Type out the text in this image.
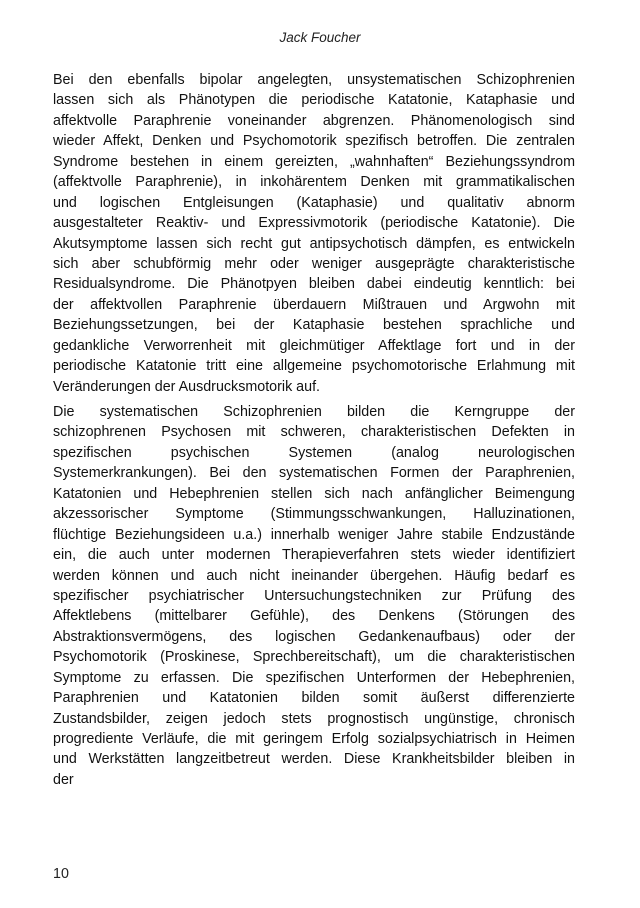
Jack Foucher
Bei den ebenfalls bipolar angelegten, unsystematischen Schizophrenien
lassen sich als Phänotypen die periodische Katatonie, Kataphasie und
affektvolle Paraphrenie voneinander abgrenzen. Phänomenologisch sind
wieder Affekt, Denken und Psychomotorik spezifisch betroffen. Die zentralen
Syndrome bestehen in einem gereizten, „wahnhaften“ Beziehungssyndrom
(affektvolle Paraphrenie), in inkohärentem Denken mit grammatikalischen
und logischen Entgleisungen (Kataphasie) und qualitativ abnorm
ausgestalteter Reaktiv- und Expressivmotorik (periodische Katatonie). Die
Akutsymptome lassen sich recht gut antipsychotisch dämpfen, es entwickeln
sich aber schubförmig mehr oder weniger ausgeprägte charakteristische
Residualsyndrome. Die Phänotpyen bleiben dabei eindeutig kenntlich: bei
der affektvollen Paraphrenie überdauern Mißtrauen und Argwohn mit
Beziehungssetzungen, bei der Kataphasie bestehen sprachliche und
gedankliche Verworrenheit mit gleichmütiger Affektlage fort und in der
periodische Katatonie tritt eine allgemeine psychomotorische Erlahmung mit
Veränderungen der Ausdrucksmotorik auf.
Die systematischen Schizophrenien bilden die Kerngruppe der
schizophrenen Psychosen mit schweren, charakteristischen Defekten in
spezifischen psychischen Systemen (analog neurologischen
Systemerkrankungen). Bei den systematischen Formen der Paraphrenien,
Katatonien und Hebephrenien stellen sich nach anfänglicher Beimengung
akzessorischer Symptome (Stimmungsschwankungen, Halluzinationen,
flüchtige Beziehungsideen u.a.) innerhalb weniger Jahre stabile Endzustände
ein, die auch unter modernen Therapieverfahren stets wieder identifiziert
werden können und auch nicht ineinander übergehen. Häufig bedarf es
spezifischer psychiatrischer Untersuchungstechniken zur Prüfung des
Affektlebens (mittelbarer Gefühle), des Denkens (Störungen des
Abstraktionsvermögens, des logischen Gedankenaufbaus) oder der
Psychomotorik (Proskinese, Sprechbereitschaft), um die charakteristischen
Symptome zu erfassen. Die spezifischen Unterformen der Hebephrenien,
Paraphrenien und Katatonien bilden somit äußerst differenzierte
Zustandsbilder, zeigen jedoch stets prognostisch ungünstige, chronisch
progrediente Verläufe, die mit geringem Erfolg sozialpsychiatrisch in Heimen
und Werkstätten langzeitbetreut werden. Diese Krankheitsbilder bleiben in
der
10
